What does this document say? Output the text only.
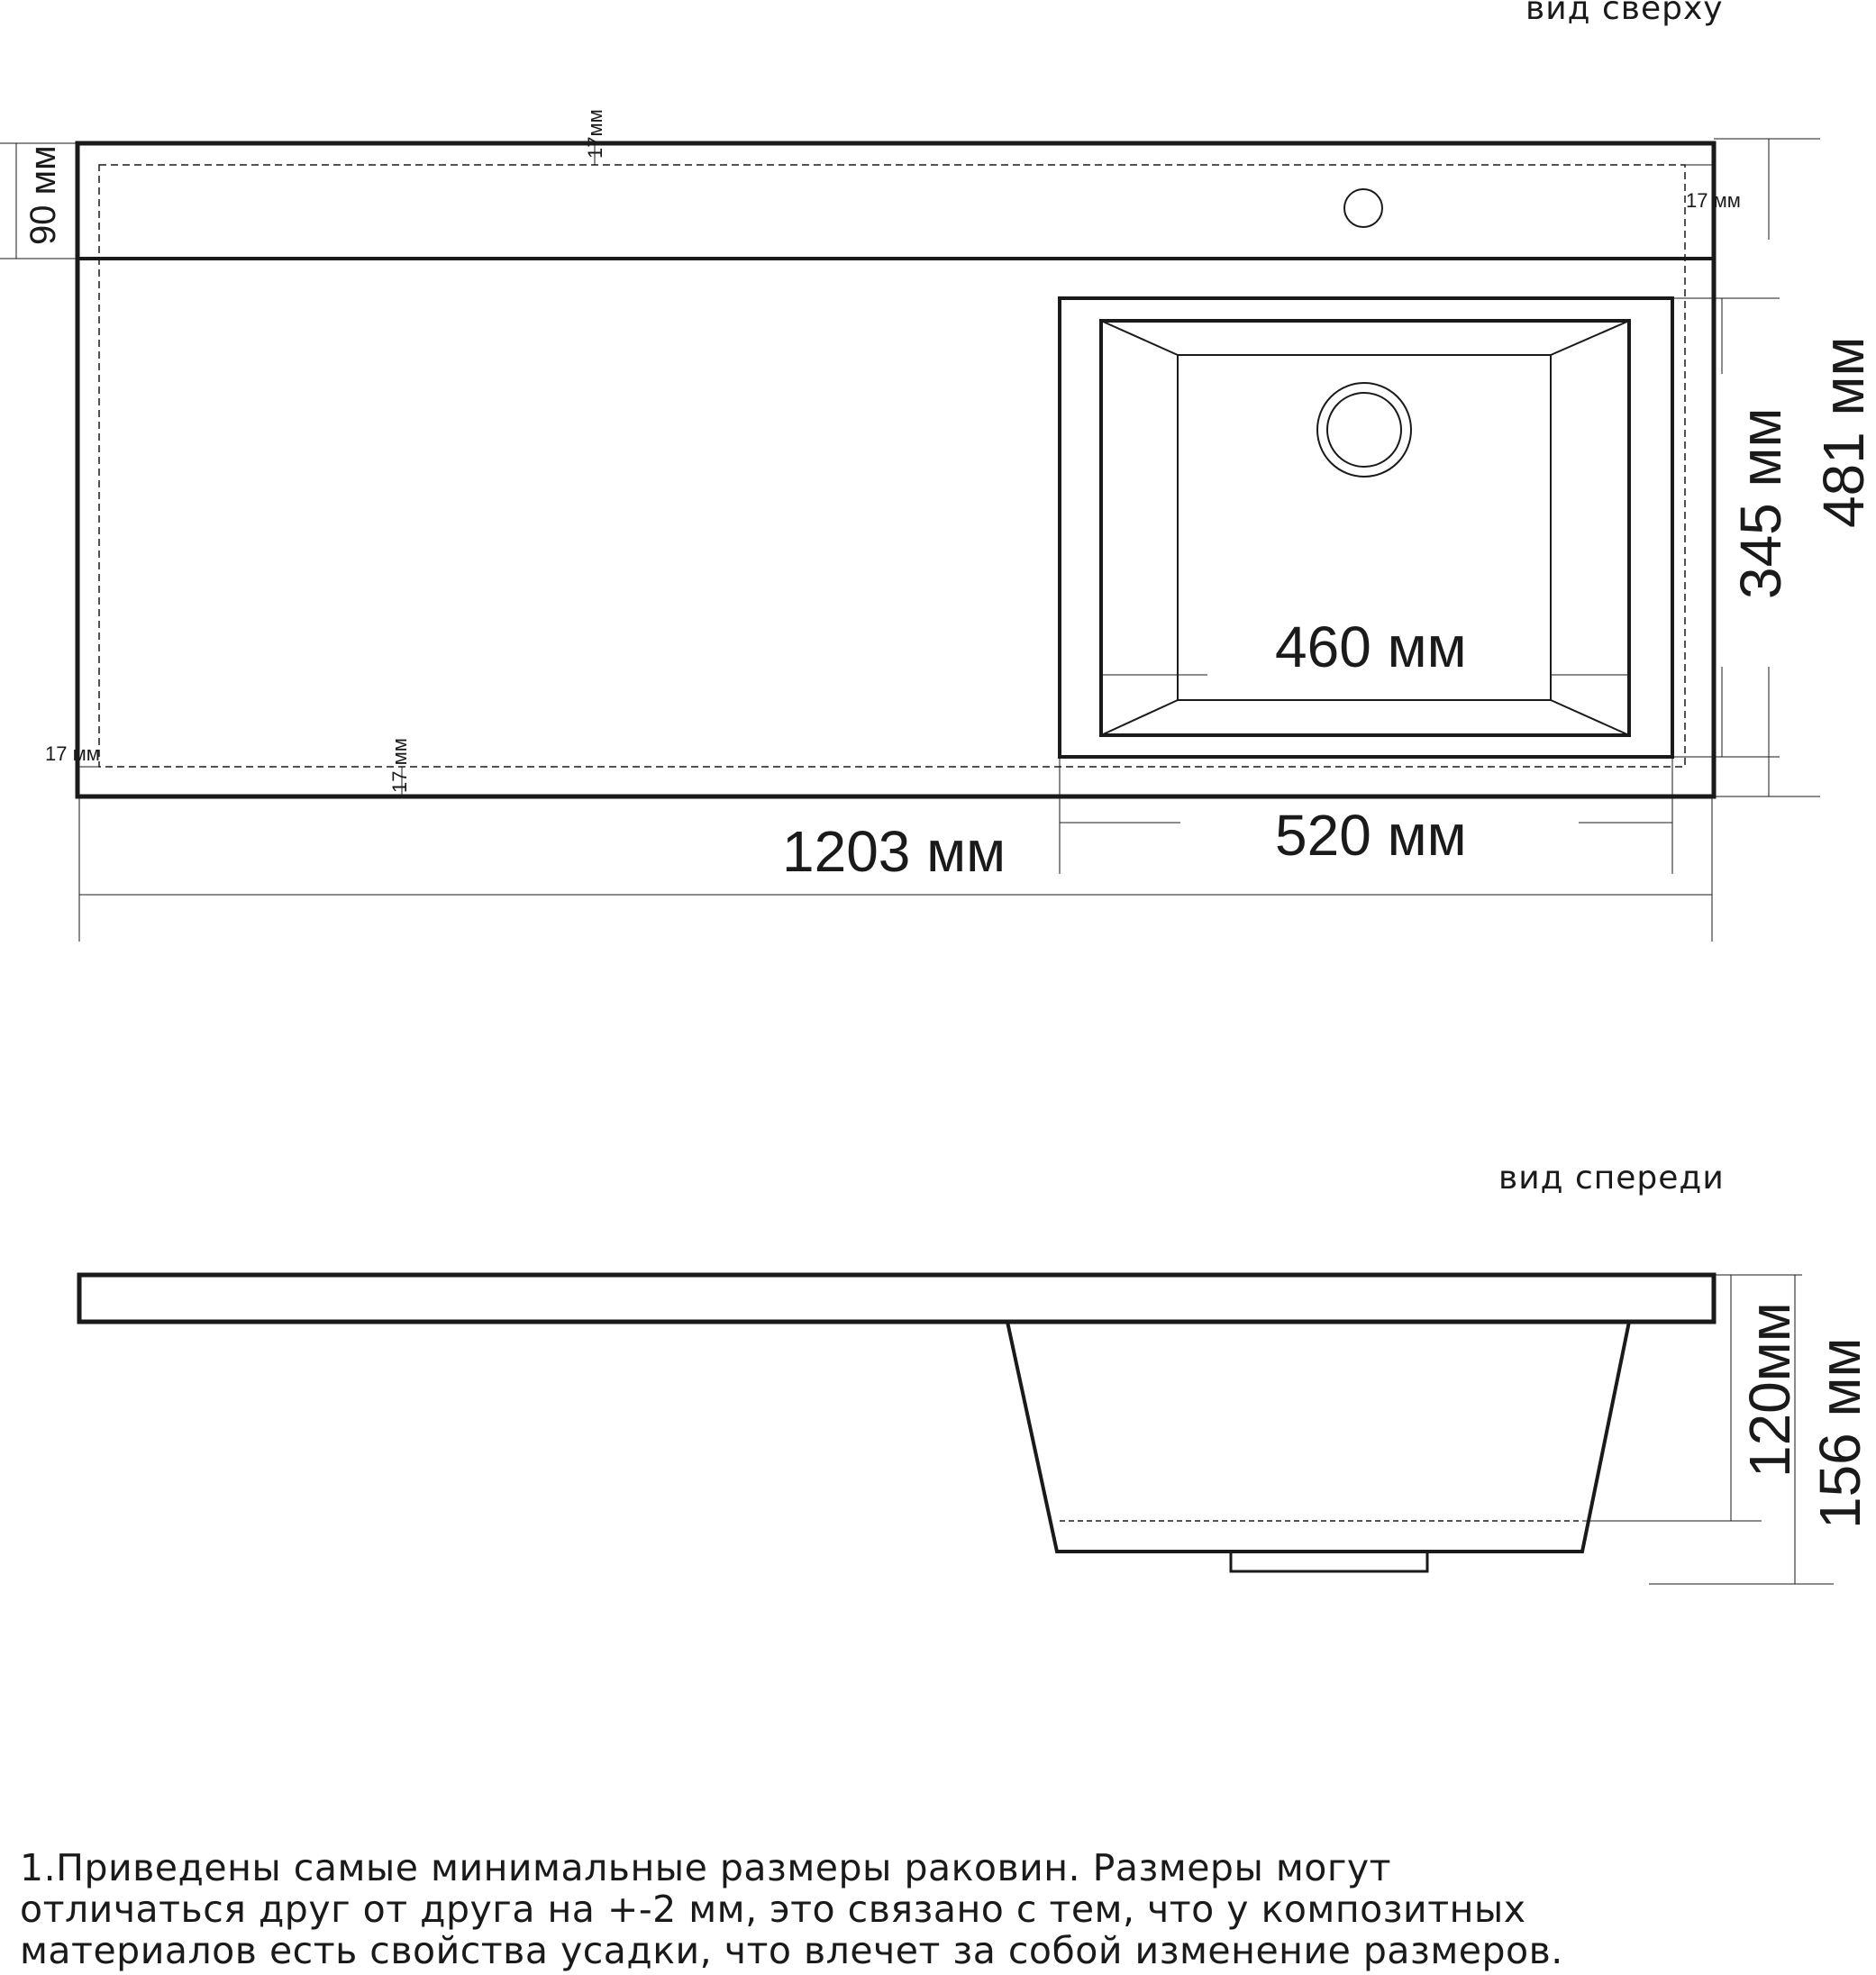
вид сверху
вид спереди
1203 мм	520 мм
460 мм
481 мм
345 мм
90 мм
17мм
17 мм
17 мм	17 мм
120мм 156 мм
1.Приведены самые минимальные размеры раковин. Размеры могут
отличаться друг от друга на +-2 мм, это связано с тем, что у композитных
материалов есть свойства усадки, что влечет за собой изменение размеров.
